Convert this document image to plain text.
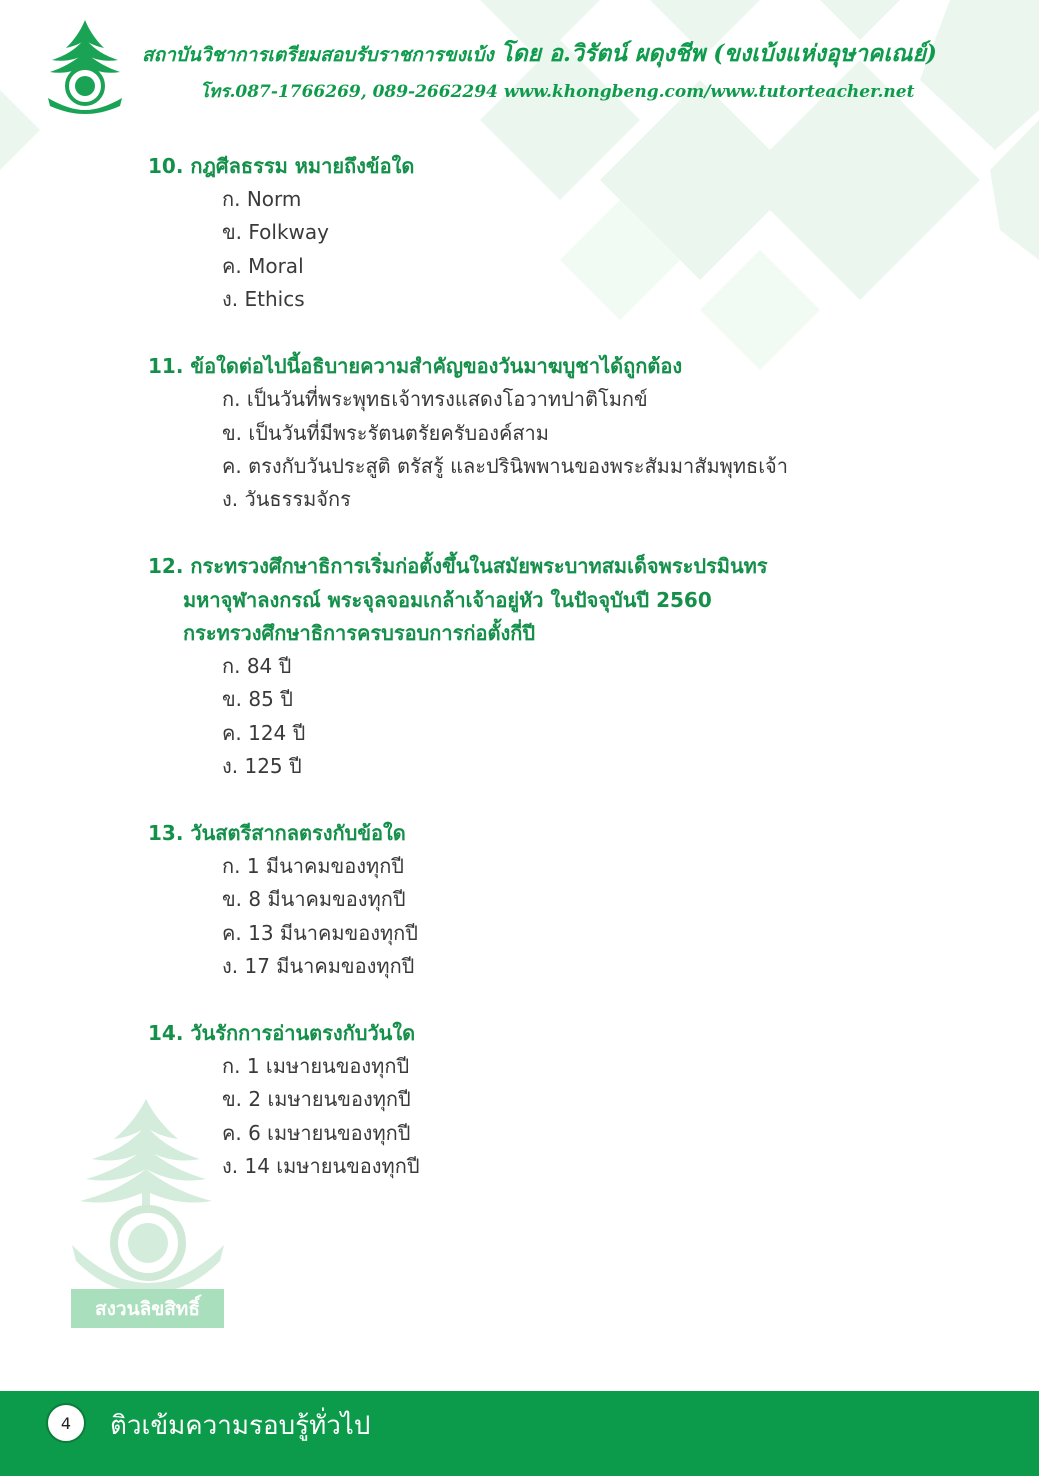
สถาบันวิชาการเตรียมสอบรับราชการขงเบ้ง โดย อ.วิรัตน์ ผดุงชีพ (ขงเบ้งแห่งอุษาคเณย์)
โทร.087-1766269, 089-2662294 www.khongbeng.com/www.tutorteacher.net
สงวนลิขสิทธิ์
10. กฎศีลธรรม หมายถึงข้อใด
ก. Norm
ข. Folkway
ค. Moral
ง. Ethics
11. ข้อใดต่อไปนี้อธิบายความสำคัญของวันมาฆบูชาได้ถูกต้อง
ก. เป็นวันที่พระพุทธเจ้าทรงแสดงโอวาทปาติโมกข์
ข. เป็นวันที่มีพระรัตนตรัยครับองค์สาม
ค. ตรงกับวันประสูติ ตรัสรู้ และปรินิพพานของพระสัมมาสัมพุทธเจ้า
ง. วันธรรมจักร
12. กระทรวงศึกษาธิการเริ่มก่อตั้งขึ้นในสมัยพระบาทสมเด็จพระปรมินทร
มหาจุฬาลงกรณ์ พระจุลจอมเกล้าเจ้าอยู่หัว ในปัจจุบันปี 2560
กระทรวงศึกษาธิการครบรอบการก่อตั้งกี่ปี
ก. 84 ปี
ข. 85 ปี
ค. 124 ปี
ง. 125 ปี
13. วันสตรีสากลตรงกับข้อใด
ก. 1 มีนาคมของทุกปี
ข. 8 มีนาคมของทุกปี
ค. 13 มีนาคมของทุกปี
ง. 17 มีนาคมของทุกปี
14. วันรักการอ่านตรงกับวันใด
ก. 1 เมษายนของทุกปี
ข. 2 เมษายนของทุกปี
ค. 6 เมษายนของทุกปี
ง. 14 เมษายนของทุกปี
4	ติวเข้มความรอบรู้ทั่วไป
